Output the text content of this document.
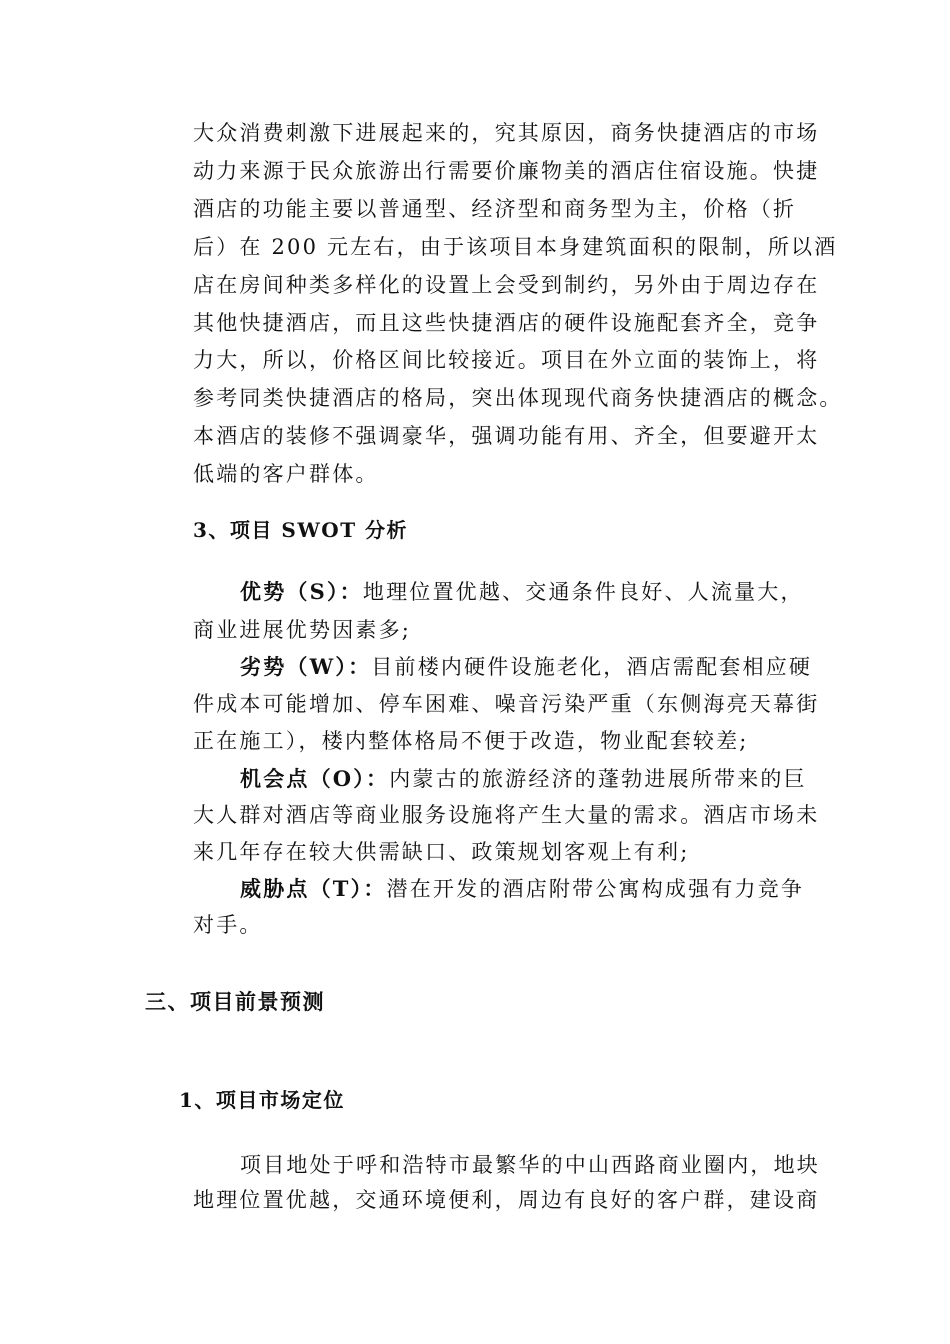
大众消费刺激下进展起来的，究其原因，商务快捷酒店的市场
动力来源于民众旅游出行需要价廉物美的酒店住宿设施。快捷
酒店的功能主要以普通型、经济型和商务型为主，价格（折
后）在 200 元左右，由于该项目本身建筑面积的限制，所以酒
店在房间种类多样化的设置上会受到制约，另外由于周边存在
其他快捷酒店，而且这些快捷酒店的硬件设施配套齐全，竞争
力大，所以，价格区间比较接近。项目在外立面的装饰上，将
参考同类快捷酒店的格局，突出体现现代商务快捷酒店的概念。
本酒店的装修不强调豪华，强调功能有用、齐全，但要避开太
低端的客户群体。
3、项目 SWOT 分析
优势（S）：地理位置优越、交通条件良好、人流量大，
商业进展优势因素多;
劣势（W）：目前楼内硬件设施老化，酒店需配套相应硬
件成本可能增加、停车困难、噪音污染严重（东侧海亮天幕街
正在施工），楼内整体格局不便于改造，物业配套较差;
机会点（O）：内蒙古的旅游经济的蓬勃进展所带来的巨
大人群对酒店等商业服务设施将产生大量的需求。酒店市场未
来几年存在较大供需缺口、政策规划客观上有利;
威胁点（T）：潜在开发的酒店附带公寓构成强有力竞争
对手。
三、项目前景预测
1、项目市场定位
项目地处于呼和浩特市最繁华的中山西路商业圈内，地块
地理位置优越，交通环境便利，周边有良好的客户群，建设商
